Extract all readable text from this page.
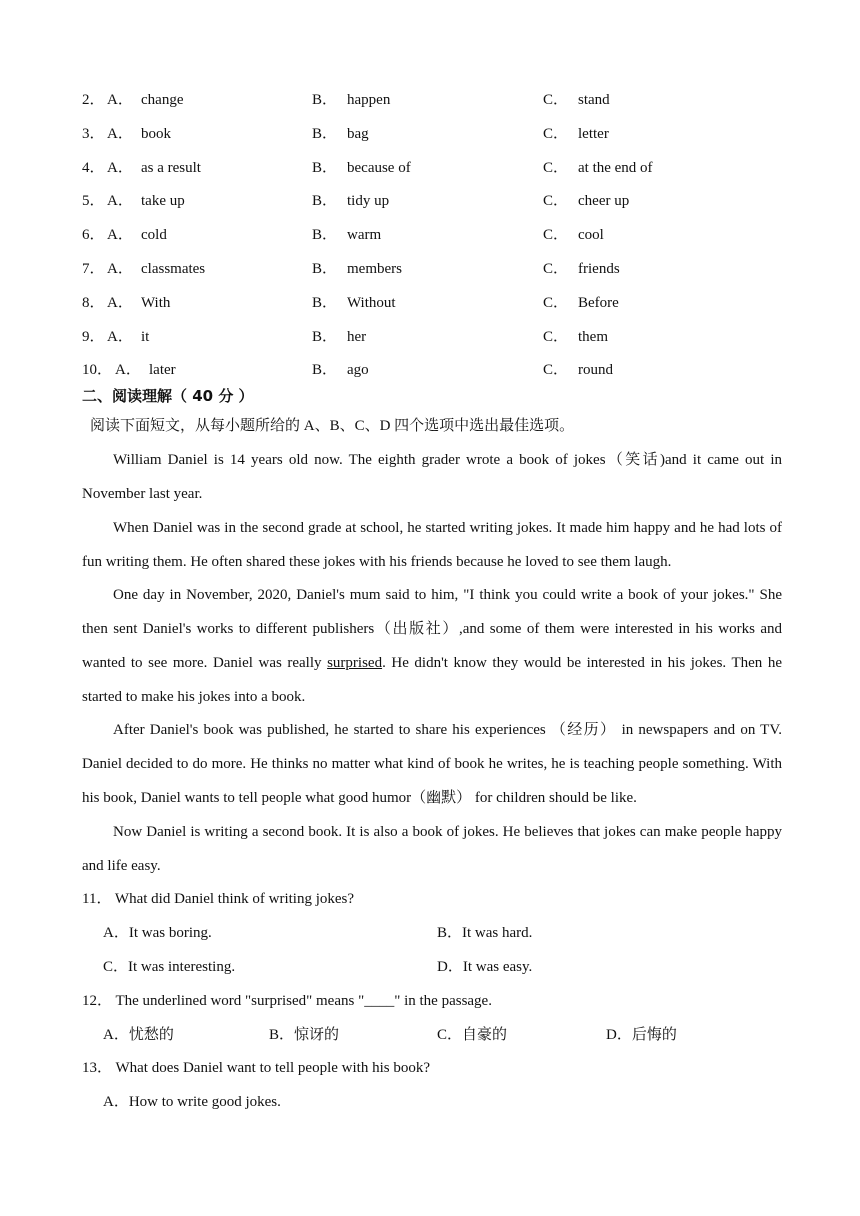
2． A． change	B． happen	C． stand
3． A． book	B． bag	C． letter
4． A． as a result	B． because of	C． at the end of
5． A． take up	B． tidy up	C． cheer up
6． A． cold	B． warm	C． cool
7． A． classmates	B． members	C． friends
8． A． With	B． Without	C． Before
9． A． it	B． her	C． them
10． A． later	B． ago	C． round
二、阅读理解（ 40 分 ）
阅读下面短文，从每小题所给的 A、B、C、D 四个选项中选出最佳选项。
William Daniel is 14 years old now. The eighth grader wrote a book of jokes（笑话)and it came out in November last year.
When Daniel was in the second grade at school, he started writing jokes. It made him happy and he had lots of fun writing them. He often shared these jokes with his friends because he loved to see them laugh.
One day in November, 2020, Daniel's mum said to him, "I think you could write a book of your jokes." She then sent Daniel's works to different publishers（出版社）,and some of them were interested in his works and wanted to see more. Daniel was really surprised. He didn't know they would be interested in his jokes. Then he started to make his jokes into a book.
After Daniel's book was published, he started to share his experiences （经历） in newspapers and on TV. Daniel decided to do more. He thinks no matter what kind of book he writes, he is teaching people something. With his book, Daniel wants to tell people what good humor（幽默） for children should be like.
Now Daniel is writing a second book. It is also a book of jokes. He believes that jokes can make people happy and life easy.
11． What did Daniel think of writing jokes?
A．It was boring.	B．It was hard.
C．It was interesting.	D．It was easy.
12． The underlined word "surprised" means "____" in the passage.
A．忧愁的	B．惊讶的	C．自豪的	D．后悔的
13． What does Daniel want to tell people with his book?
A．How to write good jokes.
